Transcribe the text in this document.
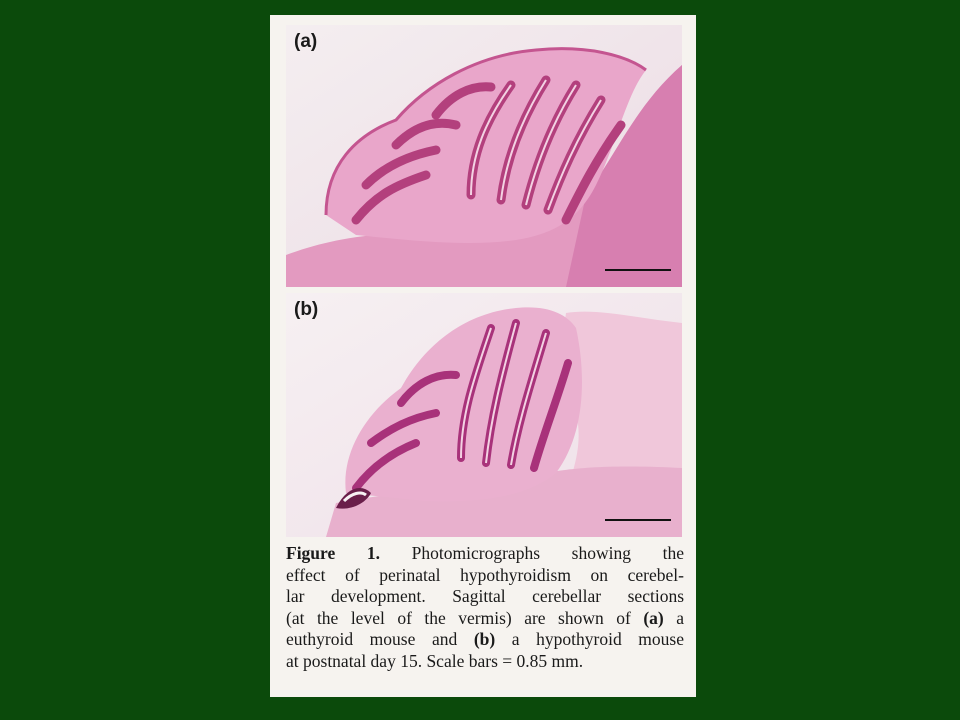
(a)
(b)
Figure 1. Photomicrographs showing the
effect of perinatal hypothyroidism on cerebel-
lar development. Sagittal cerebellar sections
(at the level of the vermis) are shown of (a) a
euthyroid mouse and (b) a hypothyroid mouse
at postnatal day 15. Scale bars = 0.85 mm.
